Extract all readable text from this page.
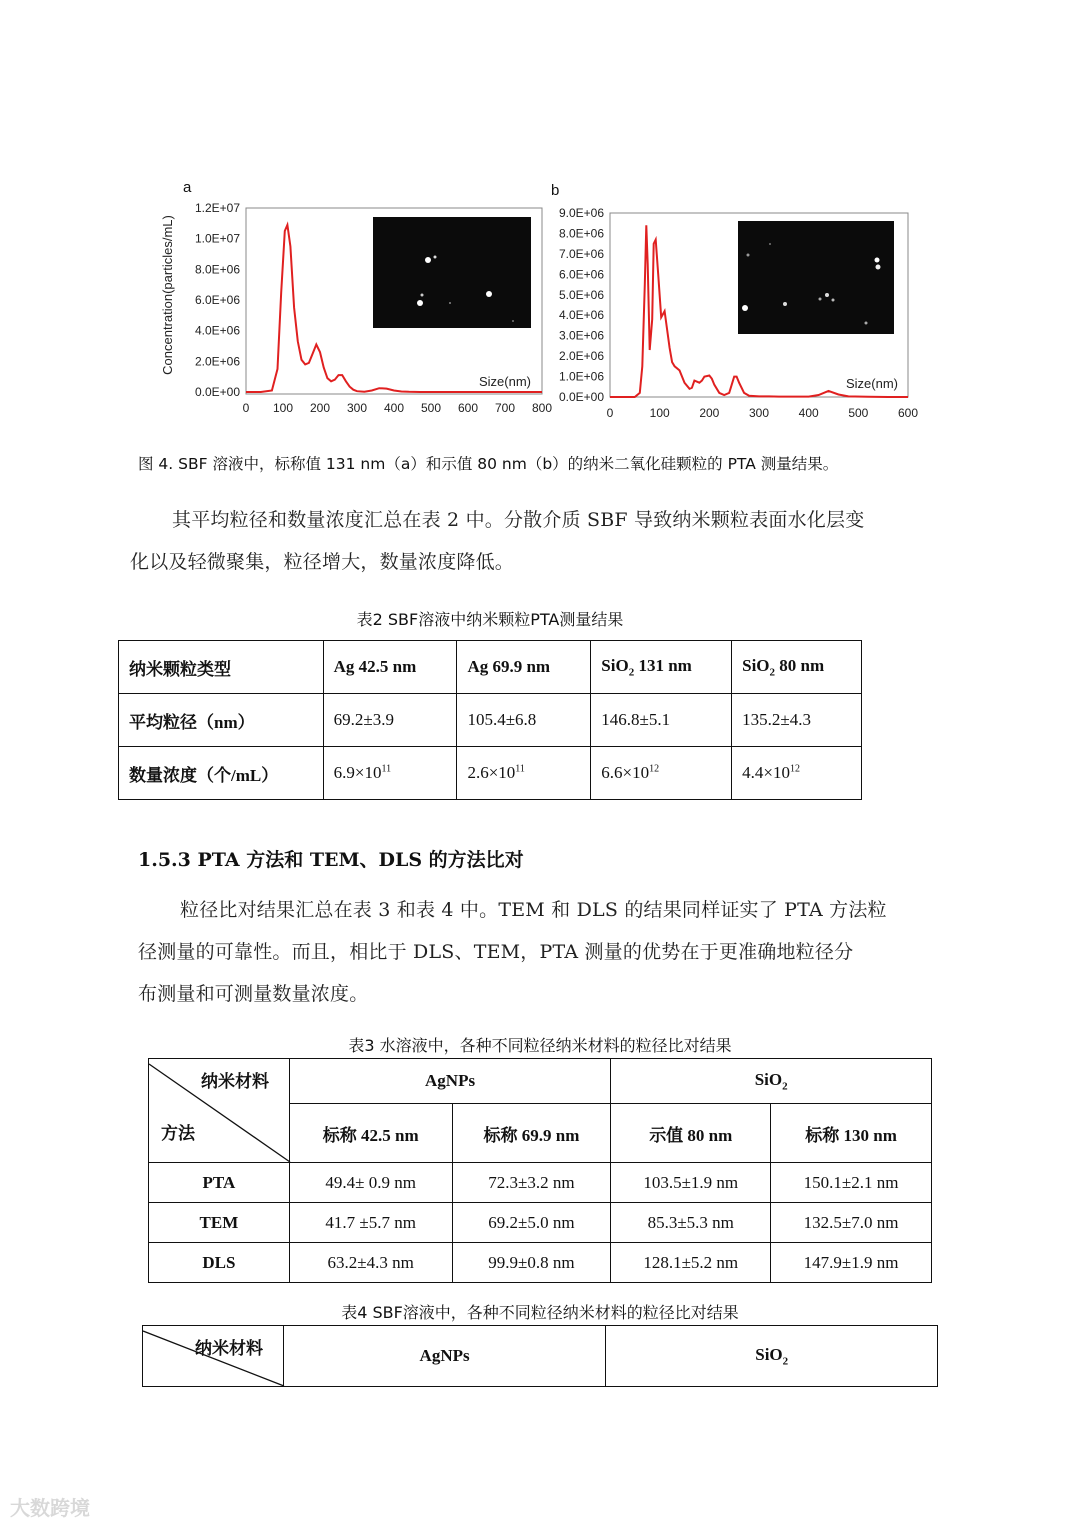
a
Concentration(particles/mL)
1.2E+07
1.0E+07
8.0E+06
6.0E+06
4.0E+06
2.0E+06
0.0E+00
0 100 200 300 400 500 600 700 800
Size(nm)
b
9.0E+06
8.0E+06
7.0E+06
6.0E+06
5.0E+06
4.0E+06
3.0E+06
2.0E+06
1.0E+06
0.0E+00
0	100 200 300 400 500 600
Size(nm)
图 4. SBF 溶液中，标称值 131 nm（a）和示值 80 nm（b）的纳米二氧化硅颗粒的 PTA 测量结果。
其平均粒径和数量浓度汇总在表 2 中。分散介质 SBF 导致纳米颗粒表面水化层变
化以及轻微聚集，粒径增大，数量浓度降低。
表2 SBF溶液中纳米颗粒PTA测量结果
纳米颗粒类型	Ag 42.5 nm	Ag 69.9 nm	SiO$_2$ 131 nm	SiO$_2$ 80 nm
平均粒径（nm）	69.2±3.9	105.4±6.8	146.8±5.1	135.2±4.3
数量浓度（个/mL）	$6.9\times 10^{11}$	$2.6\times 10^{11}$	$6.6\times 10^{12}$	$4.4\times 10^{12}$
1.5.3 PTA 方法和 TEM、DLS 的方法比对
粒径比对结果汇总在表 3 和表 4 中。TEM 和 DLS 的结果同样证实了 PTA 方法粒
径测量的可靠性。而且，相比于 DLS、TEM，PTA 测量的优势在于更准确地粒径分
布测量和可测量数量浓度。
表3 水溶液中，各种不同粒径纳米材料的粒径比对结果
纳米材料
方法	AgNPs		SiO$_2$
	标称 42.5 nm	标称 69.9 nm	示值 80 nm	标称 130 nm
PTA	49.4± 0.9 nm	72.3±3.2 nm	103.5±1.9 nm	150.1±2.1 nm
TEM	41.7 ±5.7 nm	69.2±5.0 nm	85.3±5.3 nm	132.5±7.0 nm
DLS	63.2±4.3 nm	99.9±0.8 nm	128.1±5.2 nm	147.9±1.9 nm
表4 SBF溶液中，各种不同粒径纳米材料的粒径比对结果
纳米材料	AgNPs	SiO$_2$
大数跨境
